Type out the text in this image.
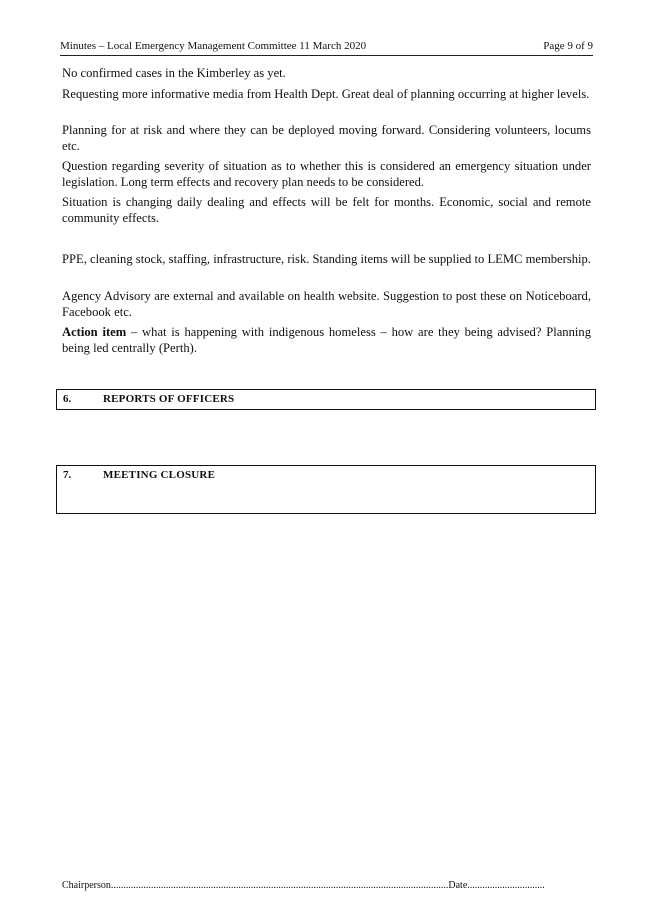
Minutes – Local Emergency Management Committee 11 March 2020	Page 9 of 9

No confirmed cases in the Kimberley as yet.

Requesting more informative media from Health Dept. Great deal of planning occurring at higher levels.

Planning for at risk and where they can be deployed moving forward. Considering volunteers, locums etc.

Question regarding severity of situation as to whether this is considered an emergency situation under legislation. Long term effects and recovery plan needs to be considered.

Situation is changing daily dealing and effects will be felt for months. Economic, social and remote community effects.

PPE, cleaning stock, staffing, infrastructure, risk. Standing items will be supplied to LEMC membership.

Agency Advisory are external and available on health website. Suggestion to post these on Noticeboard, Facebook etc.

Action item – what is happening with indigenous homeless – how are they being advised? Planning being led centrally (Perth).

6.	REPORTS OF OFFICERS
7.	MEETING CLOSURE
Chairperson.......................................................................................................................................Date...............................
